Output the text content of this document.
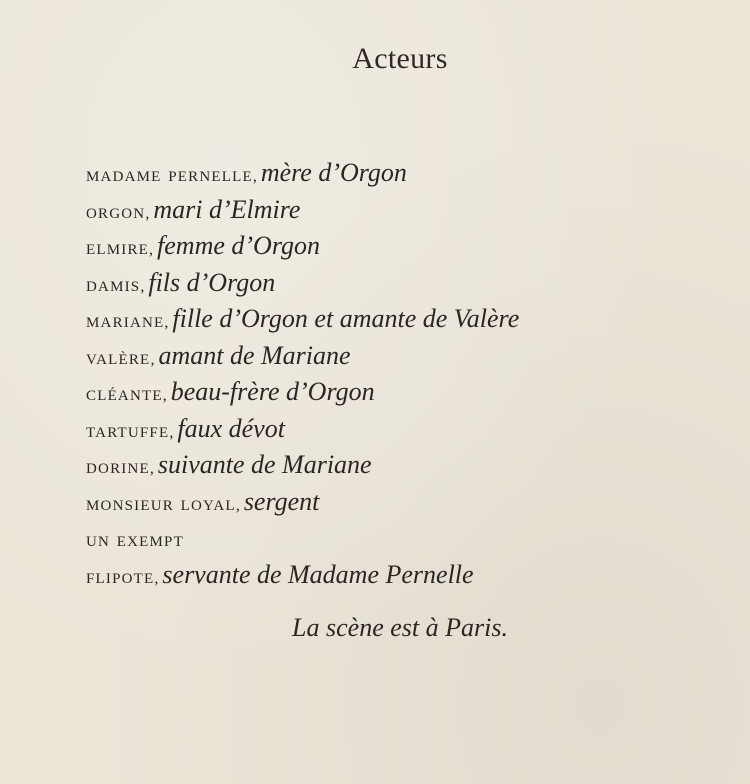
Acteurs
madame pernelle, mère d’Orgon
orgon, mari d’Elmire
elmire, femme d’Orgon
damis, fils d’Orgon
mariane, fille d’Orgon et amante de Valère
valère, amant de Mariane
cléante, beau-frère d’Orgon
tartuffe, faux dévot
dorine, suivante de Mariane
monsieur loyal, sergent
un exempt
flipote, servante de Madame Pernelle

La scène est à Paris.
